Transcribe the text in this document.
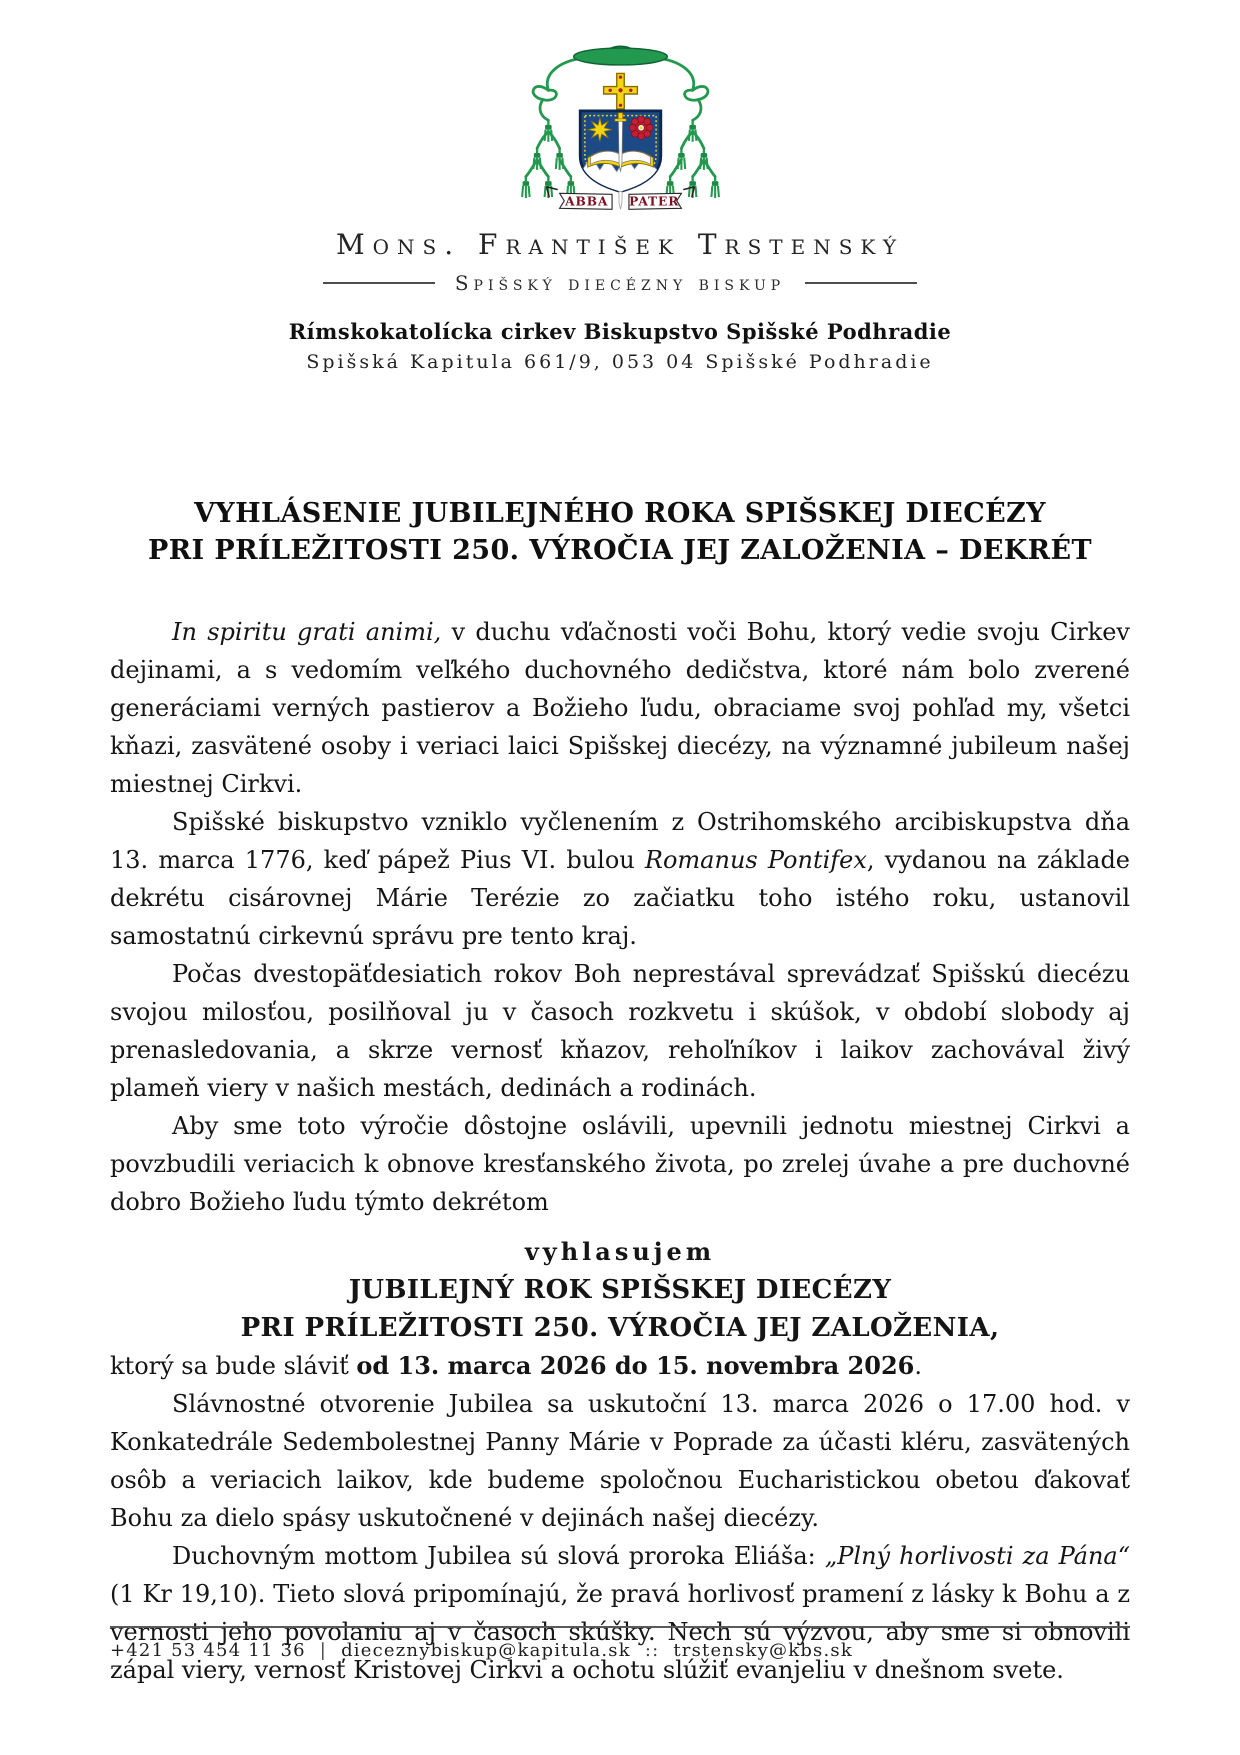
ABBA PATER
Mons. František Trstenský
Spišský diecézny biskup
Rímskokatolícka cirkev Biskupstvo Spišské Podhradie
Spišská Kapitula 661/9, 053 04 Spišské Podhradie
VYHLÁSENIE JUBILEJNÉHO ROKA SPIŠSKEJ DIECÉZY
PRI PRÍLEŽITOSTI 250. VÝROČIA JEJ ZALOŽENIA – DEKRÉT

In spiritu grati animi, v duchu vďačnosti voči Bohu, ktorý vedie svoju Cirkev dejinami, a s vedomím veľkého duchovného dedičstva, ktoré nám bolo zverené generáciami verných pastierov a Božieho ľudu, obraciame svoj pohľad my, všetci kňazi, zasvätené osoby i veriaci laici Spišskej diecézy, na významné jubileum našej miestnej Cirkvi.

Spišské biskupstvo vzniklo vyčlenením z Ostrihomského arcibiskupstva dňa 13. marca 1776, keď pápež Pius VI. bulou Romanus Pontifex, vydanou na základe dekrétu cisárovnej Márie Terézie zo začiatku toho istého roku, ustanovil samostatnú cirkevnú správu pre tento kraj.

Počas dvestopäťdesiatich rokov Boh neprestával sprevádzať Spišskú diecézu svojou milosťou, posilňoval ju v časoch rozkvetu i skúšok, v období slobody aj prenasledovania, a skrze vernosť kňazov, rehoľníkov i laikov zachovával živý plameň viery v našich mestách, dedinách a rodinách.

Aby sme toto výročie dôstojne oslávili, upevnili jednotu miestnej Cirkvi a povzbudili veriacich k obnove kresťanského života, po zrelej úvahe a pre duchovné dobro Božieho ľudu týmto dekrétom

vyhlasujem
JUBILEJNÝ ROK SPIŠSKEJ DIECÉZY
PRI PRÍLEŽITOSTI 250. VÝROČIA JEJ ZALOŽENIA,

ktorý sa bude sláviť od 13. marca 2026 do 15. novembra 2026.

Slávnostné otvorenie Jubilea sa uskutoční 13. marca 2026 o 17.00 hod. v Konkatedrále Sedembolestnej Panny Márie v Poprade za účasti kléru, zasvätených osôb a veriacich laikov, kde budeme spoločnou Eucharistickou obetou ďakovať Bohu za dielo spásy uskutočnené v dejinách našej diecézy.

Duchovným mottom Jubilea sú slová proroka Eliáša: „Plný horlivosti za Pána“ (1 Kr 19,10). Tieto slová pripomínajú, že pravá horlivosť pramení z lásky k Bohu a z vernosti jeho povolaniu aj v časoch skúšky. Nech sú výzvou, aby sme si obnovili zápal viery, vernosť Kristovej Cirkvi a ochotu slúžiť evanjeliu v dnešnom svete.

+421 53 454 11 36 | dieceznybiskup@kapitula.sk :: trstensky@kbs.sk
